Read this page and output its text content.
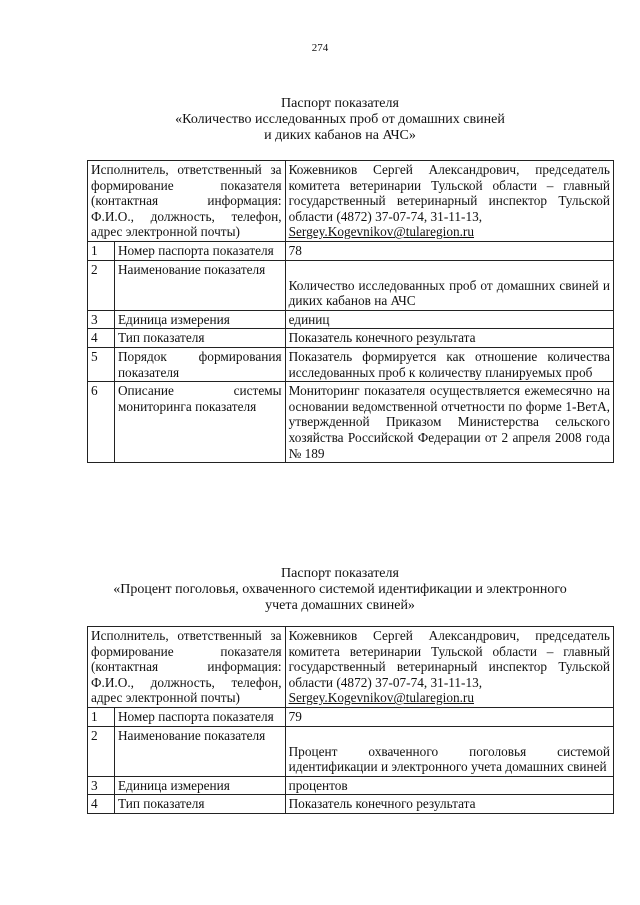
274
Паспорт показателя
«Количество исследованных проб от домашних свиней
и диких кабанов на АЧС»
Исполнитель, ответственный за формирование показателя (контактная информация: Ф.И.О., должность, телефон, адрес электронной почты)		Кожевников Сергей Александрович, председатель комитета ветеринарии Тульской области – главный государственный ветеринарный инспектор Тульской области (4872) 37-07-74, 31-11-13,
Sergey.Kogevnikov@tularegion.ru
1	Номер паспорта показателя	78
2	Наименование показателя	Количество исследованных проб от домашних свиней и диких кабанов на АЧС
3	Единица измерения	единиц
4	Тип показателя	Показатель конечного результата
5	Порядок формирования показателя	Показатель формируется как отношение количества исследованных проб к количеству планируемых проб
6	Описание системы мониторинга показателя	Мониторинг показателя осуществляется ежемесячно на основании ведомственной отчетности по форме 1-ВетА, утвержденной Приказом Министерства сельского хозяйства Российской Федерации от 2 апреля 2008 года № 189
Паспорт показателя
«Процент поголовья, охваченного системой идентификации и электронного
учета домашних свиней»
Исполнитель, ответственный за формирование показателя (контактная информация: Ф.И.О., должность, телефон, адрес электронной почты)		Кожевников Сергей Александрович, председатель комитета ветеринарии Тульской области – главный государственный ветеринарный инспектор Тульской области (4872) 37-07-74, 31-11-13,
Sergey.Kogevnikov@tularegion.ru
1	Номер паспорта показателя	79
2	Наименование показателя	Процент охваченного поголовья системой идентификации и электронного учета домашних свиней
3	Единица измерения	процентов
4	Тип показателя	Показатель конечного результата
